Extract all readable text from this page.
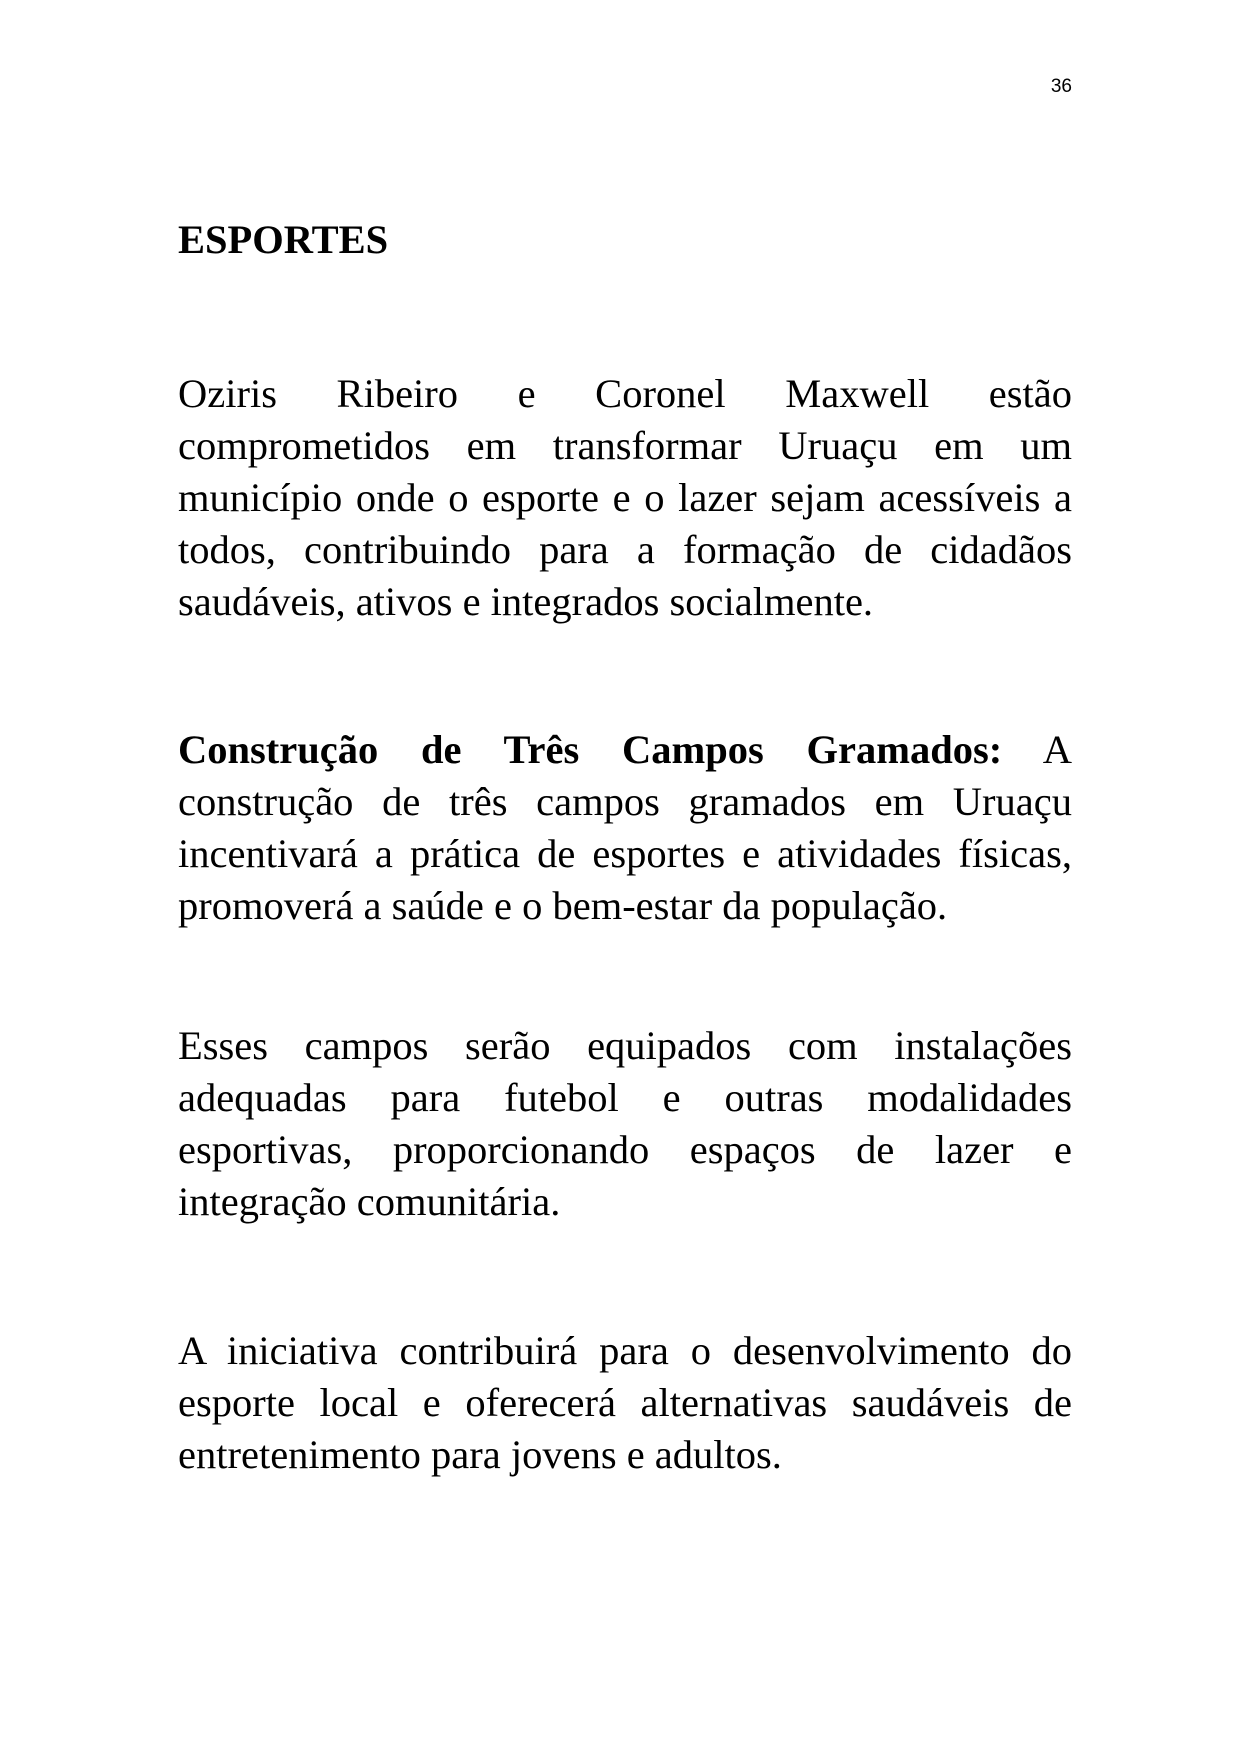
36
ESPORTES

Oziris Ribeiro e Coronel Maxwell estão comprometidos em transformar Uruaçu em um município onde o esporte e o lazer sejam acessíveis a todos, contribuindo para a formação de cidadãos saudáveis, ativos e integrados socialmente.

Construção de Três Campos Gramados: A construção de três campos gramados em Uruaçu incentivará a prática de esportes e atividades físicas, promoverá a saúde e o bem-estar da população.

Esses campos serão equipados com instalações adequadas para futebol e outras modalidades esportivas, proporcionando espaços de lazer e integração comunitária.

A iniciativa contribuirá para o desenvolvimento do esporte local e oferecerá alternativas saudáveis de entretenimento para jovens e adultos.
